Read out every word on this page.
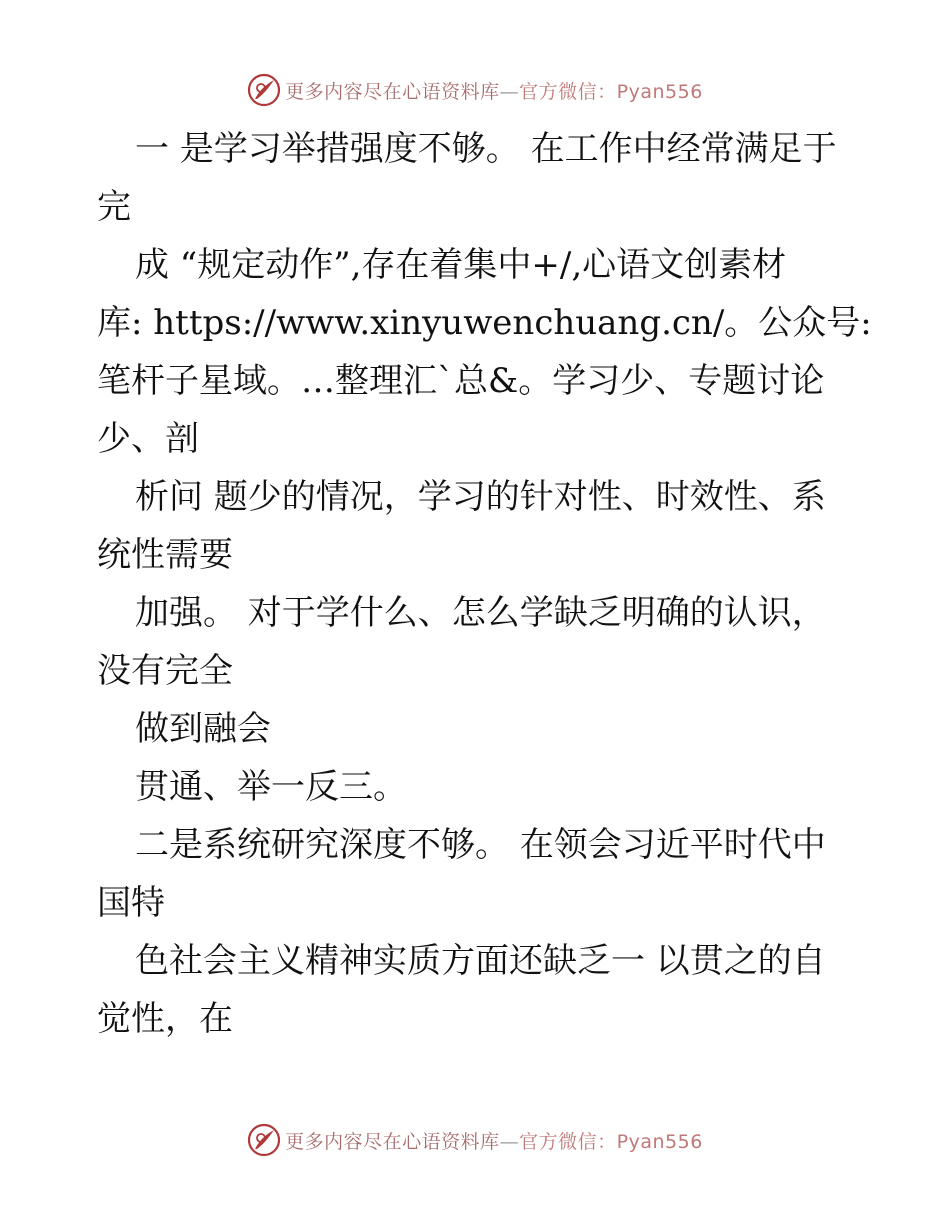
更多内容尽在心语资料库—官方微信：Pyan556
一 是学习举措强度不够。 在工作中经常满足于
完
成 “规定动作”,存在着集中+/,心语文创素材
库: https://www.xinyuwenchuang.cn/。公众号:
笔杆子星域。…整理汇`总&。学习少、专题讨论
少、剖
析问 题少的情况，学习的针对性、时效性、系
统性需要
加强。 对于学什么、怎么学缺乏明确的认识，
没有完全
做到融会
贯通、举一反三。
二是系统研究深度不够。 在领会习近平时代中
国特
色社会主义精神实质方面还缺乏一 以贯之的自
觉性，在
更多内容尽在心语资料库—官方微信：Pyan556
